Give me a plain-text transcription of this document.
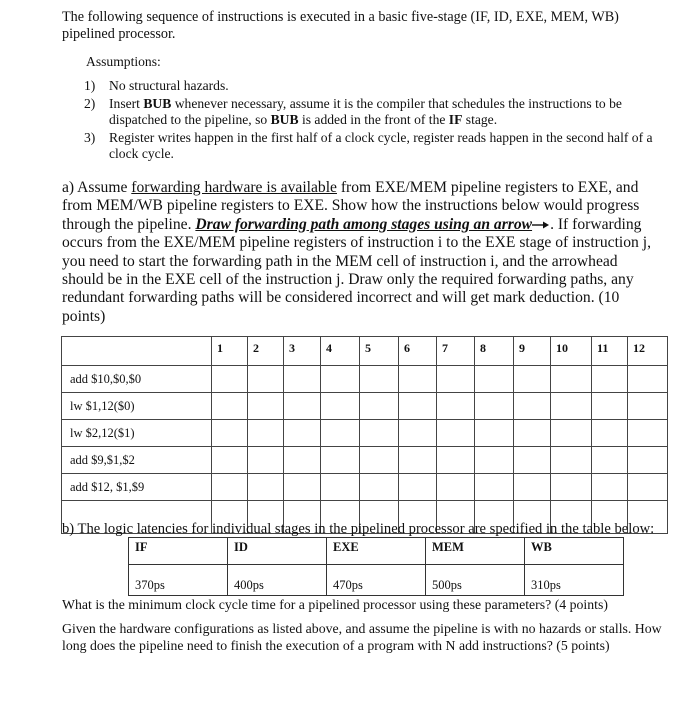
The following sequence of instructions is executed in a basic five-stage (IF, ID, EXE, MEM, WB) pipelined processor.
Assumptions:
1) No structural hazards.
2) Insert BUB whenever necessary, assume it is the compiler that schedules the instructions to be dispatched to the pipeline, so BUB is added in the front of the IF stage.
3) Register writes happen in the first half of a clock cycle, register reads happen in the second half of a clock cycle.
a) Assume forwarding hardware is available from EXE/MEM pipeline registers to EXE, and from MEM/WB pipeline registers to EXE. Show how the instructions below would progress through the pipeline. Draw forwarding path among stages using an arrow . If forwarding occurs from the EXE/MEM pipeline registers of instruction i to the EXE stage of instruction j, you need to start the forwarding path in the MEM cell of instruction i, and the arrowhead should be in the EXE cell of the instruction j. Draw only the required forwarding paths, any redundant forwarding paths will be considered incorrect and will get mark deduction. (10 points)
		1	2	3	4	5	6	7	8	9	10	11	12
add $10,$0,$0													
lw $1,12($0)													
lw $2,12($1)													
add $9,$1,$2													
add $12, $1,$9													

b) The logic latencies for individual stages in the pipelined processor are specified in the table below:
IF	ID	EXE	MEM	WB
370ps	400ps	470ps	500ps	310ps
What is the minimum clock cycle time for a pipelined processor using these parameters? (4 points)
Given the hardware configurations as listed above, and assume the pipeline is with no hazards or stalls. How long does the pipeline need to finish the execution of a program with N add instructions? (5 points)
